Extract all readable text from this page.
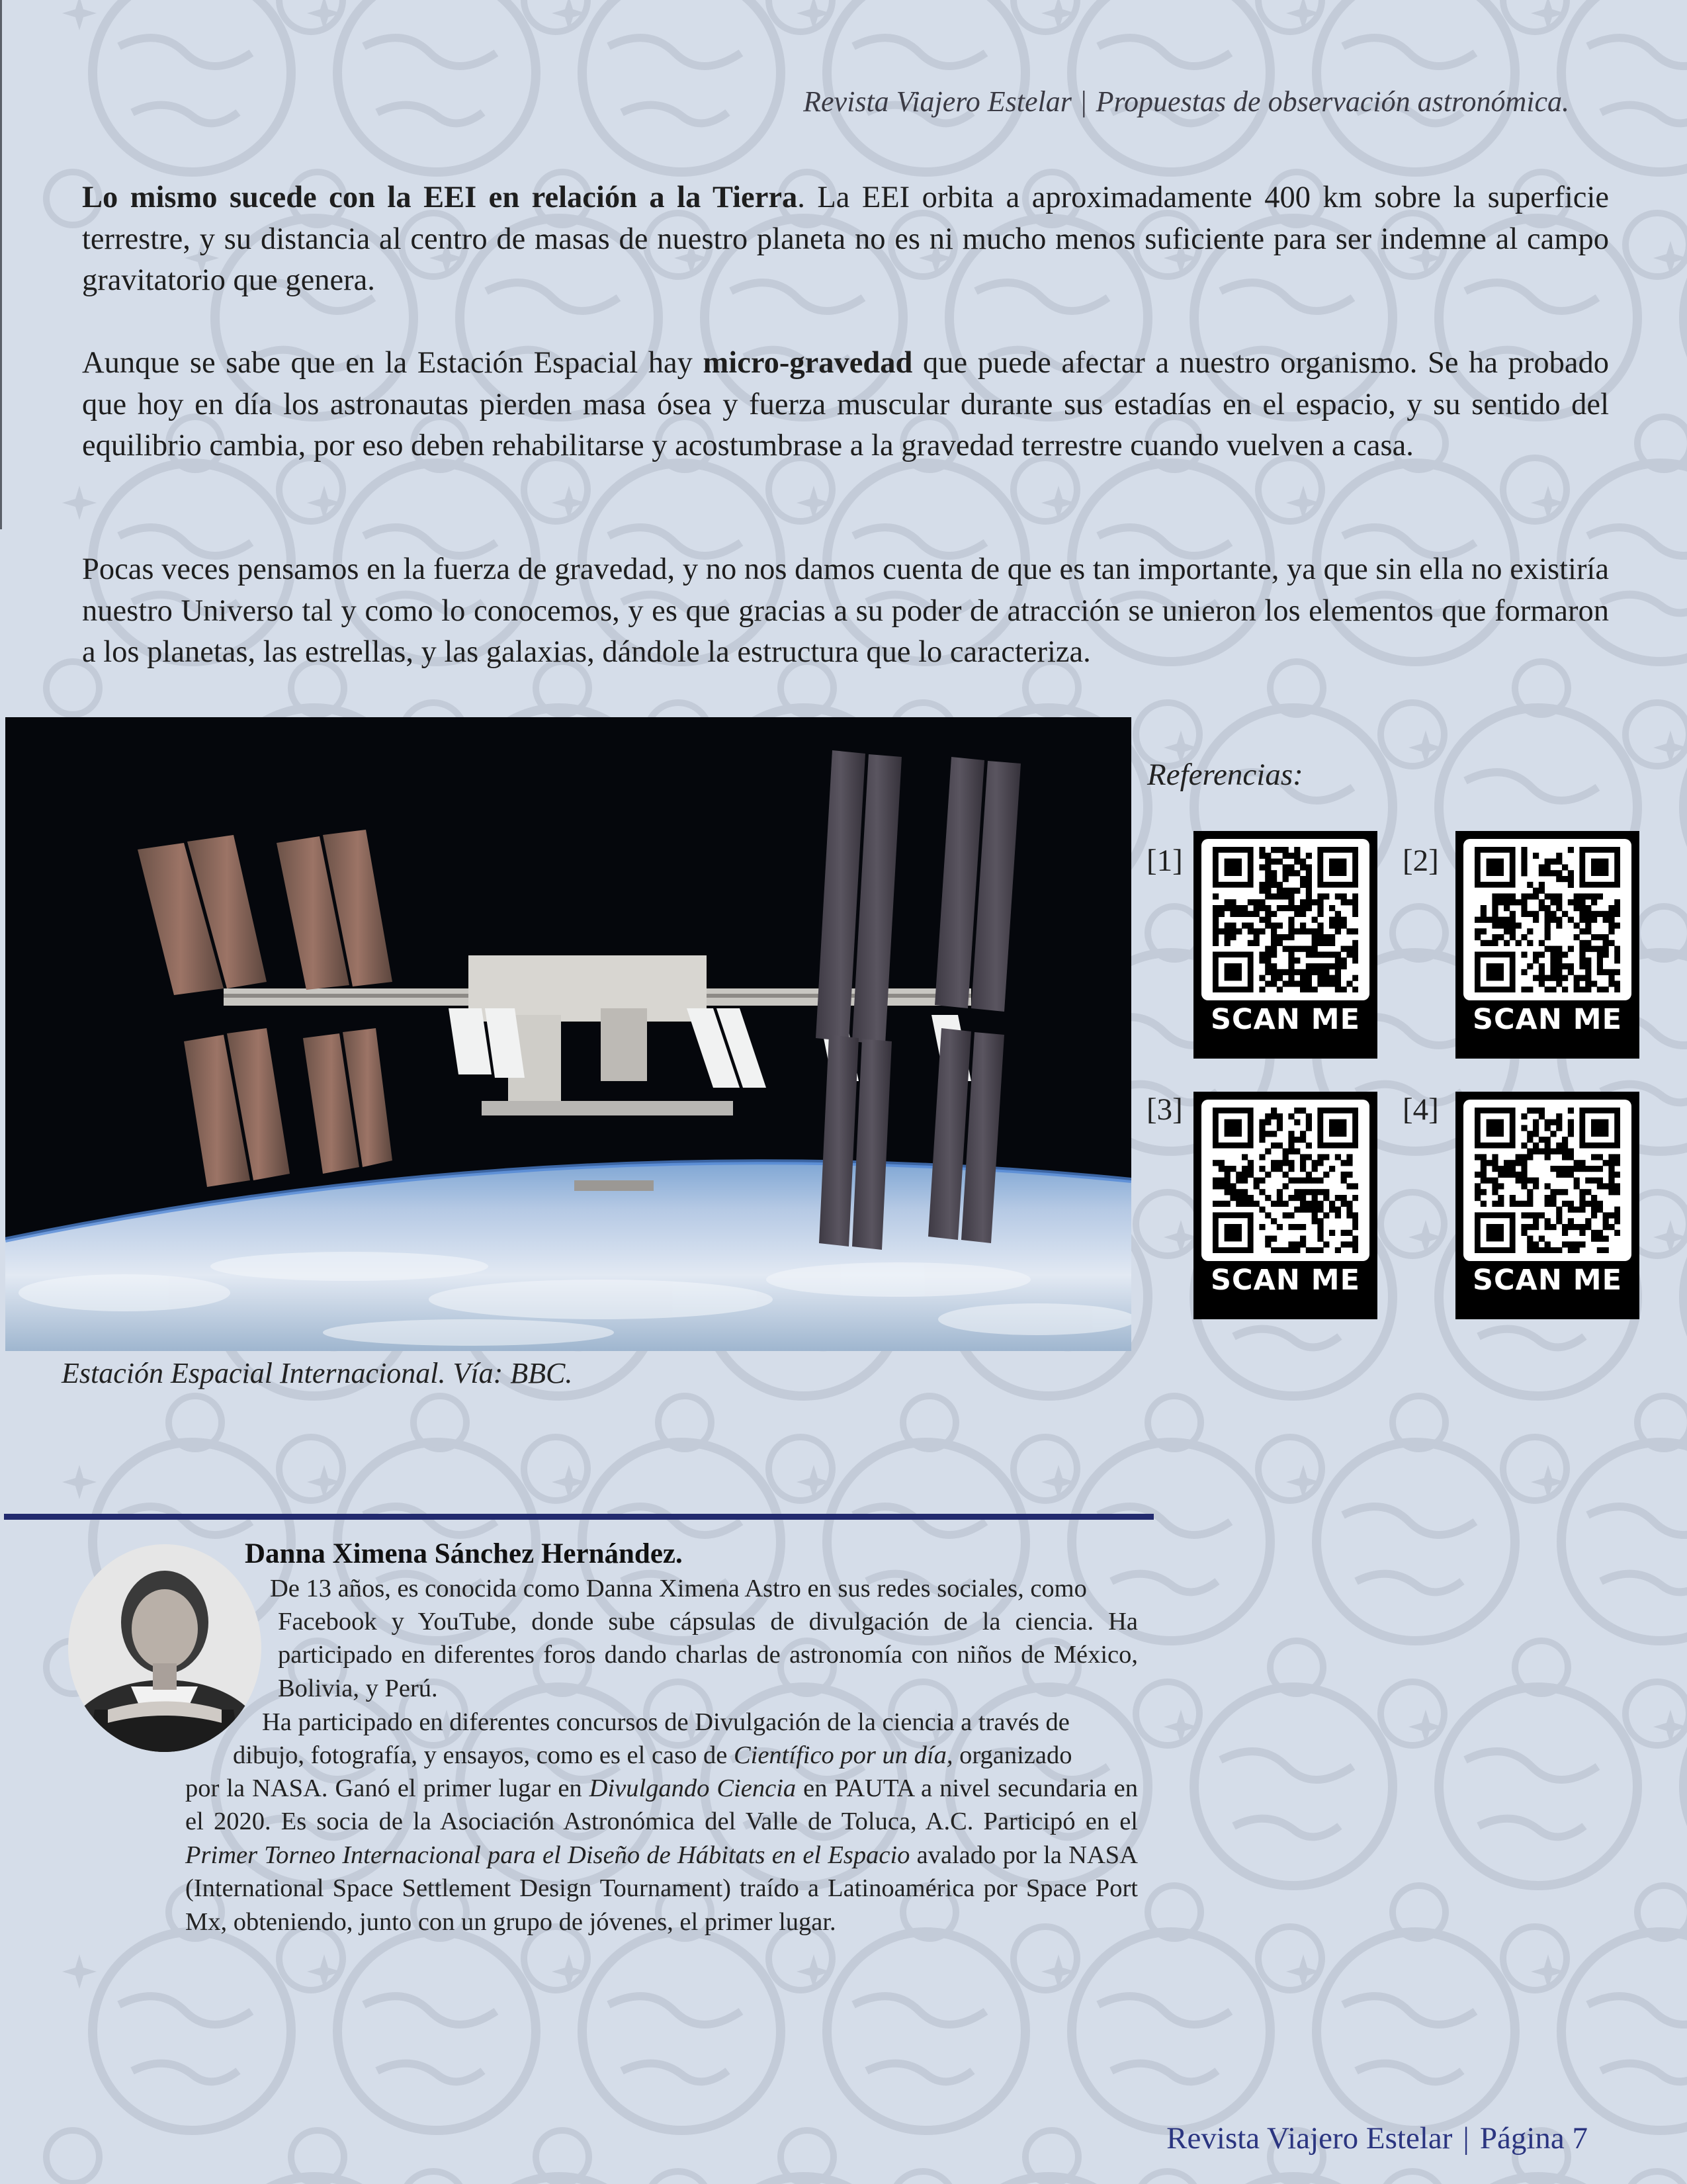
Revista Viajero Estelar | Propuestas de observación astronómica.

Lo mismo sucede con la EEI en relación a la Tierra. La EEI orbita a aproximadamente 400 km sobre la superficie terrestre, y su distancia al centro de masas de nuestro planeta no es ni mucho menos suficiente para ser indemne al campo gravitatorio que genera.

Aunque se sabe que en la Estación Espacial hay micro-gravedad que puede afectar a nuestro organismo. Se ha probado que hoy en día los astronautas pierden masa ósea y fuerza muscular durante sus estadías en el espacio, y su sentido del equilibrio cambia, por eso deben rehabilitarse y acostumbrase a la gravedad terrestre cuando vuelven a casa.

Pocas veces pensamos en la fuerza de gravedad, y no nos damos cuenta de que es tan importante, ya que sin ella no existiría nuestro Universo tal y como lo conocemos, y es que gracias a su poder de atracción se unieron los elementos que formaron a los planetas, las estrellas, y las galaxias, dándole la estructura que lo caracteriza.

Estación Espacial Internacional. Vía: BBC.
Referencias:
[1]
SCAN ME
[2]
SCAN ME
[3]
SCAN ME
[4]
SCAN ME
Danna Ximena Sánchez Hernández.

De 13 años, es conocida como Danna Ximena Astro en sus redes sociales, como

Facebook y YouTube, donde sube cápsulas de divulgación de la ciencia. Ha participado en diferentes foros dando charlas de astronomía con niños de México, Bolivia, y Perú.

Ha participado en diferentes concursos de Divulgación de la ciencia a través de

dibujo, fotografía, y ensayos, como es el caso de Científico por un día, organizado

por la NASA. Ganó el primer lugar en Divulgando Ciencia en PAUTA a nivel secundaria en el 2020. Es socia de la Asociación Astronómica del Valle de Toluca, A.C. Participó en el Primer Torneo Internacional para el Diseño de Hábitats en el Espacio avalado por la NASA (International Space Settlement Design Tournament) traído a Latinoamérica por Space Port Mx, obteniendo, junto con un grupo de jóvenes, el primer lugar.

Revista Viajero Estelar | Página 7
